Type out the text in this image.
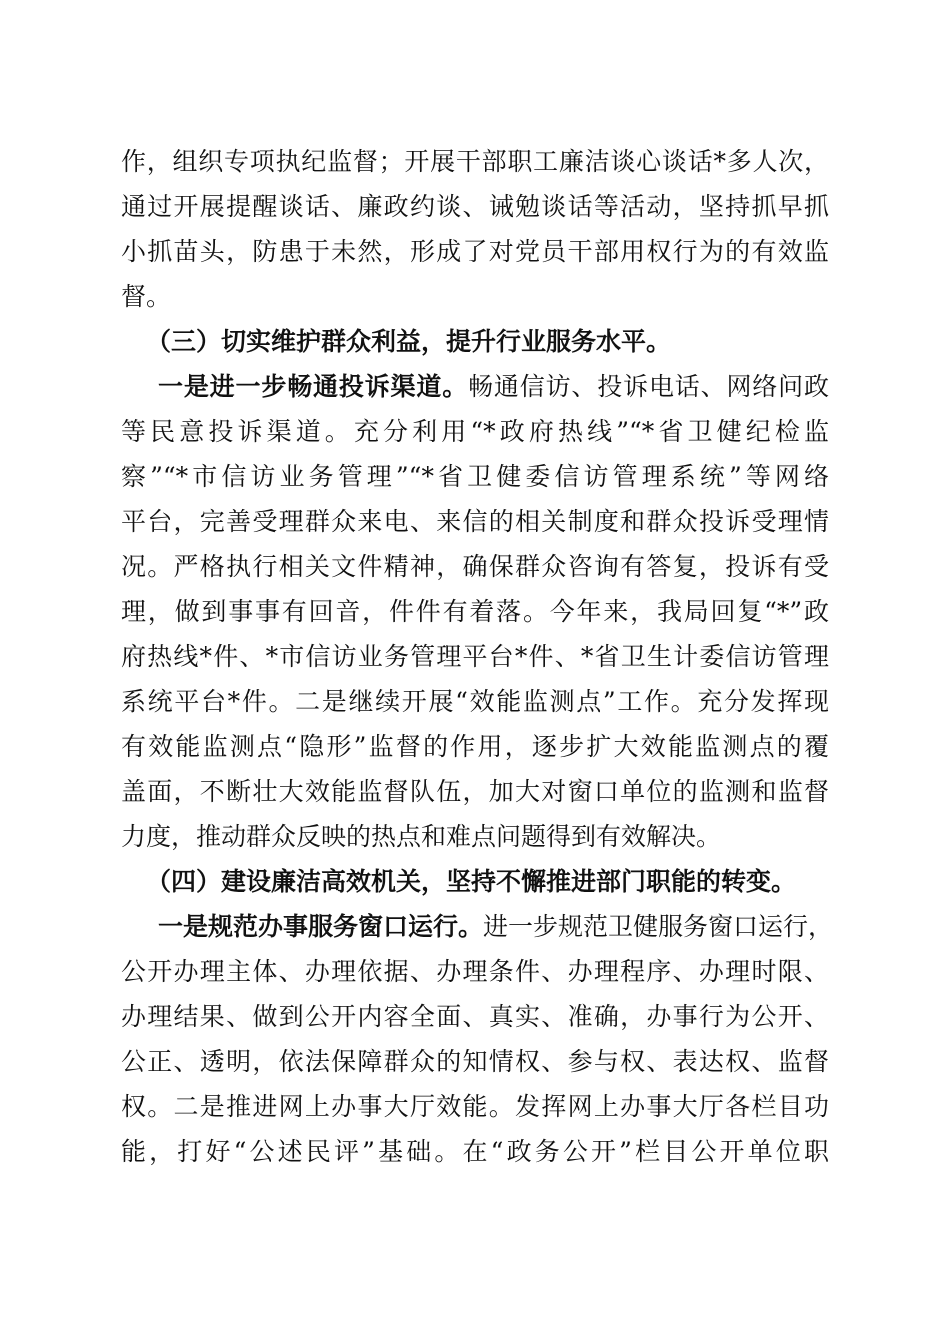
作，组织专项执纪监督；开展干部职工廉洁谈心谈话*多人次，
通过开展提醒谈话、廉政约谈、诫勉谈话等活动，坚持抓早抓
小抓苗头，防患于未然，形成了对党员干部用权行为的有效监
督。
（三）切实维护群众利益，提升行业服务水平。
一是进一步畅通投诉渠道。畅通信访、投诉电话、网络问政
等民意投诉渠道。充分利用“*政府热线”“*省卫健纪检监
察”“*市信访业务管理”“*省卫健委信访管理系统”等网络
平台，完善受理群众来电、来信的相关制度和群众投诉受理情
况。严格执行相关文件精神，确保群众咨询有答复，投诉有受
理，做到事事有回音，件件有着落。今年来，我局回复“*”政
府热线*件、*市信访业务管理平台*件、*省卫生计委信访管理
系统平台*件。二是继续开展“效能监测点”工作。充分发挥现
有效能监测点“隐形”监督的作用，逐步扩大效能监测点的覆
盖面，不断壮大效能监督队伍，加大对窗口单位的监测和监督
力度，推动群众反映的热点和难点问题得到有效解决。
（四）建设廉洁高效机关，坚持不懈推进部门职能的转变。
一是规范办事服务窗口运行。进一步规范卫健服务窗口运行，
公开办理主体、办理依据、办理条件、办理程序、办理时限、
办理结果、做到公开内容全面、真实、准确，办事行为公开、
公正、透明，依法保障群众的知情权、参与权、表达权、监督
权。二是推进网上办事大厅效能。发挥网上办事大厅各栏目功
能，打好“公述民评”基础。在“政务公开”栏目公开单位职
